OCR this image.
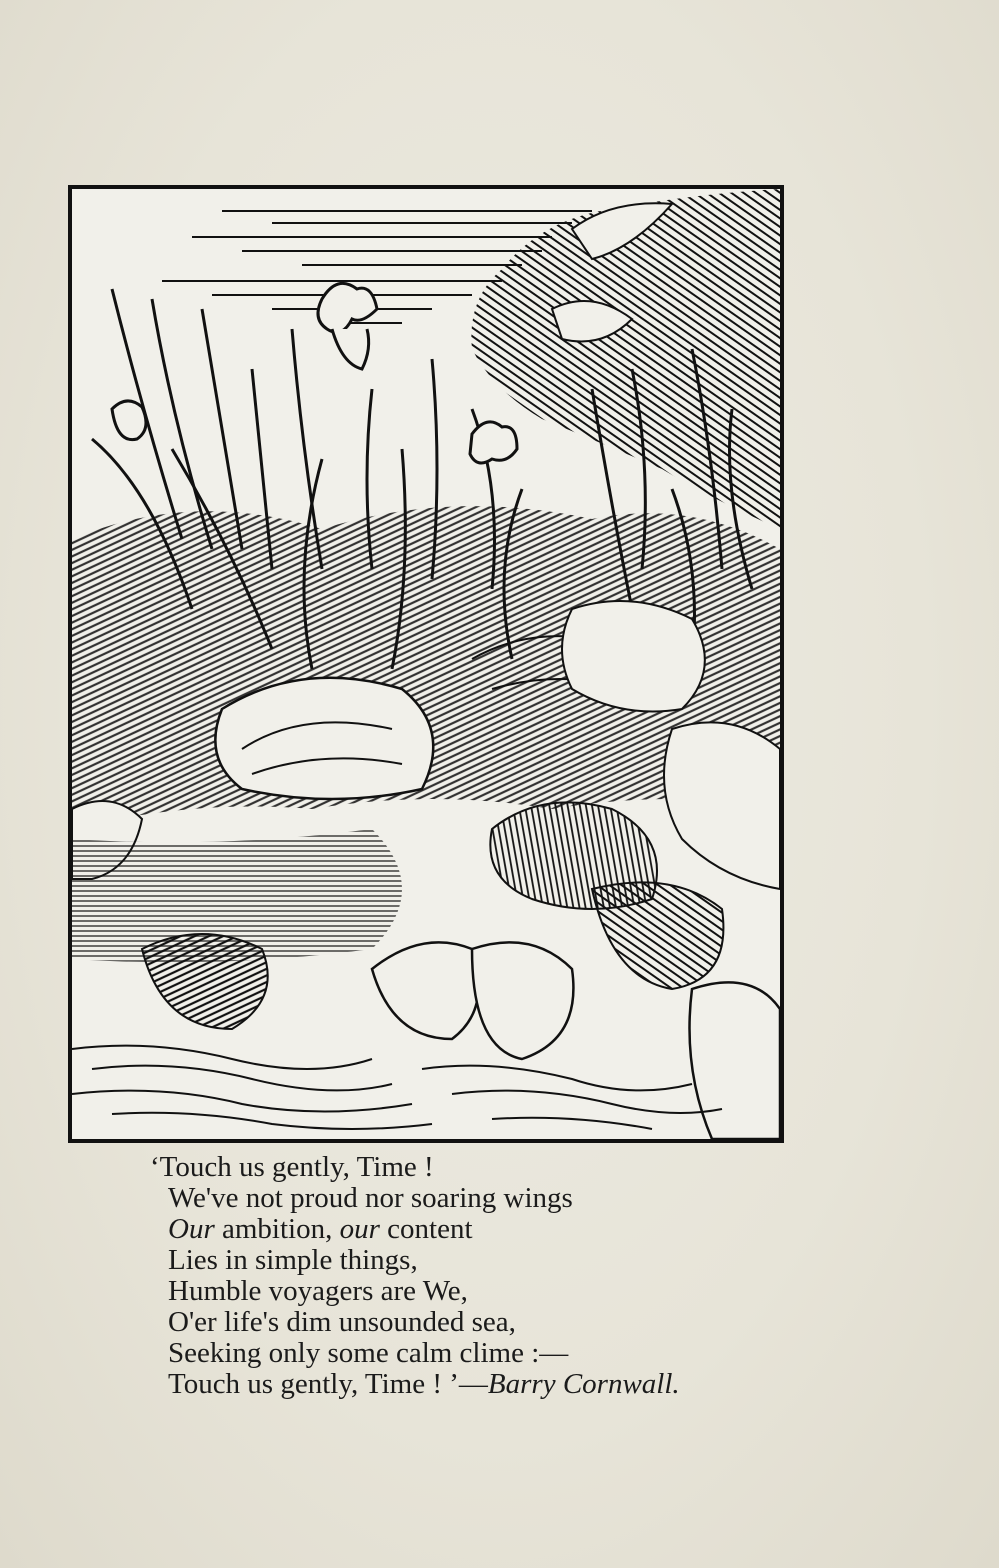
‘Touch us gently, Time !
We've not proud nor soaring wings
Our ambition, our content
Lies in simple things,
Humble voyagers are We,
O'er life's dim unsounded sea,
Seeking only some calm clime :—
Touch us gently, Time ! ’—Barry Cornwall.
